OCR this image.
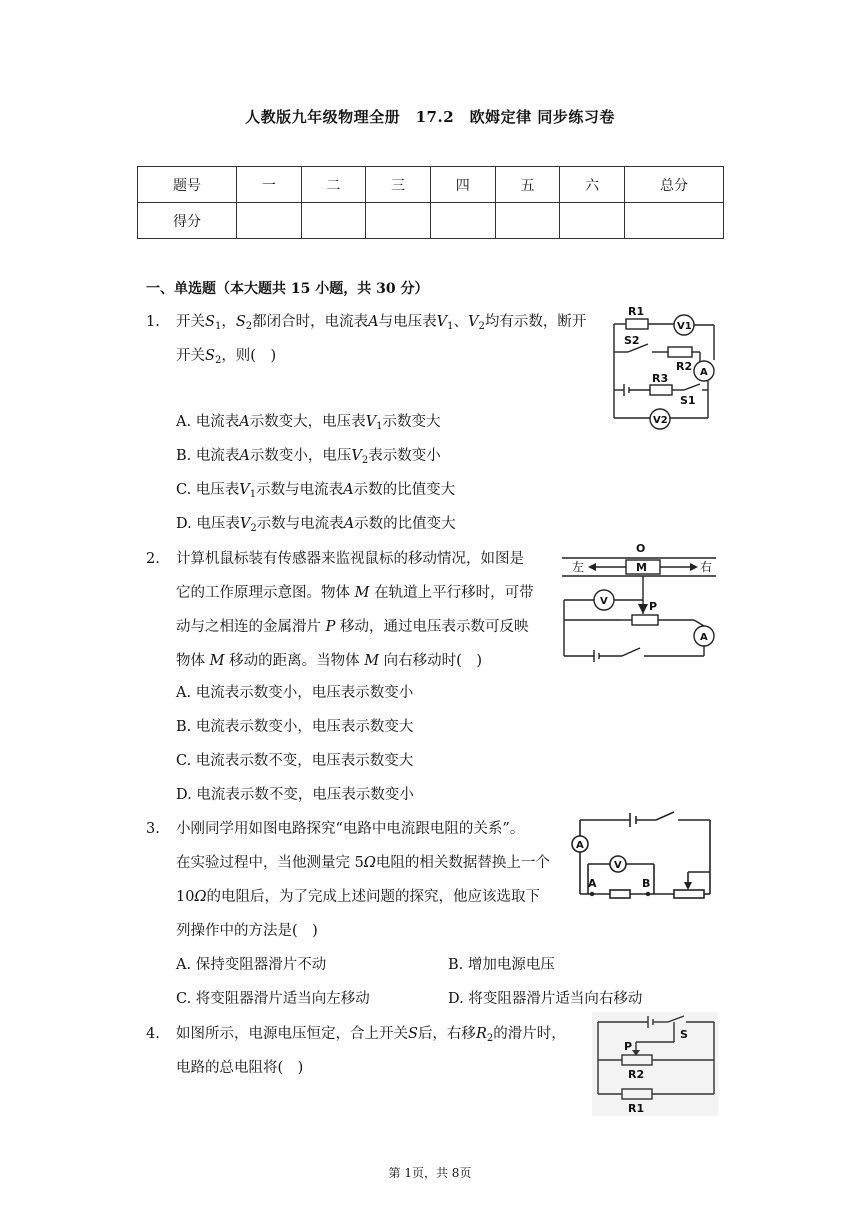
人教版九年级物理全册　17.2　欧姆定律 同步练习卷
题号	一	二	三	四	五	六	总分
得分							
一、单选题（本大题共 15 小题，共 30 分）
1. 开关$S_1$，$S_2$都闭合时，电流表A与电压表$V_1$、$V_2$均有示数，断开
开关$S_2$，则(　)
A. 电流表A示数变大，电压表$V_1$示数变大
B. 电流表A示数变小，电压$V_2$表示数变小
C. 电压表$V_1$示数与电流表A示数的比值变大
D. 电压表$V_2$示数与电流表A示数的比值变大
R1
V1
S2
R2 A
R3
S1
V2
2. 计算机鼠标装有传感器来监视鼠标的移动情况，如图是
它的工作原理示意图。物体 M 在轨道上平行移时，可带
动与之相连的金属滑片 P 移动，通过电压表示数可反映
物体 M 移动的距离。当物体 M 向右移动时(　)
A. 电流表示数变小，电压表示数变小
B. 电流表示数变小，电压表示数变大
C. 电流表示数不变，电压表示数变大
D. 电流表示数不变，电压表示数变小
O
左	M	右
V	P
A
3. 小刚同学用如图电路探究“电路中电流跟电阻的关系”。
在实验过程中，当他测量完 5Ω电阻的相关数据替换上一个
10Ω的电阻后，为了完成上述问题的探究，他应该选取下
列操作中的方法是(　)
A. 保持变阻器滑片不动	B. 增加电源电压
C. 将变阻器滑片适当向左移动	D. 将变阻器滑片适当向右移动
A
V
A	B
4. 如图所示，电源电压恒定，合上开关S后，右移$R_2$的滑片时，
电路的总电阻将(　)
S
P
R2
R1
第 1页，共 8页
